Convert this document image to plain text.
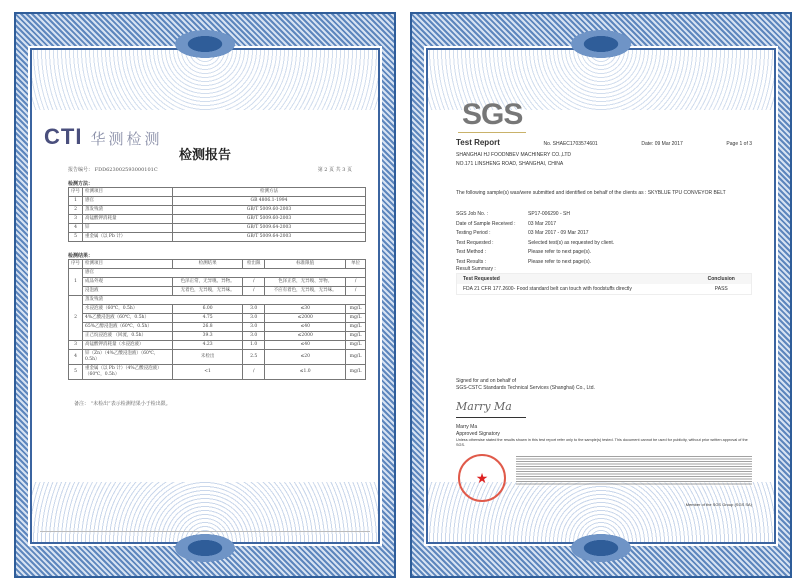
CTI 华测检测
检测报告
报告编号： FDD623002593000101C	第 2 页 共 3 页
检测方法：
序号	检测项目	检测方法
1	感官	GB 4806.1-1994
2	蒸发残渣	GB/T 5009.60-2003
3	高锰酸钾消耗量	GB/T 5009.60-2003
4	锌	GB/T 5009.64-2003
5	重金属（以 Pb 计）	GB/T 5009.64-2003
检测结果：
序号	检测项目	检测结果	检出限	标准限值	单位
1	感官				
	成品外观	色泽正常，无异嗅、异物。	/	色泽正常，无异嗅、异物。	/
	浸泡液	无着色，无异嗅，无异味。	/	不应有着色，无异嗅，无异味。	/
2	蒸发残渣				
	水浸泡液（60℃，0.5h）	6.00	3.0	≤30	mg/L
	4%乙酸浸泡液（60℃，0.5h）	4.75	3.0	≤2000	mg/L
	65%乙醇浸泡液（60℃，0.5h）	26.8	3.0	≤40	mg/L
	正己烷浸泡液 （回流，0.5h）	39.3	3.0	≤2000	mg/L
3	高锰酸钾消耗量（水浸泡液）	4.23	1.0	≤40	mg/L
4	锌（Zn）（4%乙酸浸泡液）（60℃，0.5h）	未检出	2.5	≤20	mg/L
5	重金属（以 Pb 计）（4%乙酸浸泡液）（60℃，0.5h）	<1	/	≤1.0	mg/L
备注： “未检出”表示检测结果小于检出限。

SGS
Test Report	No. SHAEC1703574601	Date: 09 Mar 2017	Page 1 of 3
SHANGHAI HJ FOODNBEV MACHINERY CO.,LTD
NO.171 LINSHENG ROAD, SHANGHAI, CHINA
The following sample(s) was/were submitted and identified on behalf of the clients as : SKYBLUE TPU CONVEYOR BELT
SGS Job No. :	SP17-006290 - SH
Date of Sample Received :	03 Mar 2017
Testing Period :	03 Mar 2017 - 09 Mar 2017
Test Requested :	Selected test(s) as requested by client.
Test Method :	Please refer to next page(s).
Test Results :	Please refer to next page(s).
Result Summary :
Test Requested	Conclusion
FDA 21 CFR 177.2600- Food standard belt can touch with foodstuffs directly	PASS
Signed for and on behalf of
SGS-CSTC Standards Technical Services (Shanghai) Co., Ltd.
Marry Ma
Marry Ma
Approved Signatory
Unless otherwise stated the results shown in this test report refer only to the sample(s) tested. This document cannot be used for publicity, without prior written approval of the SGS.
★
Member of the SGS Group (SGS SA)
